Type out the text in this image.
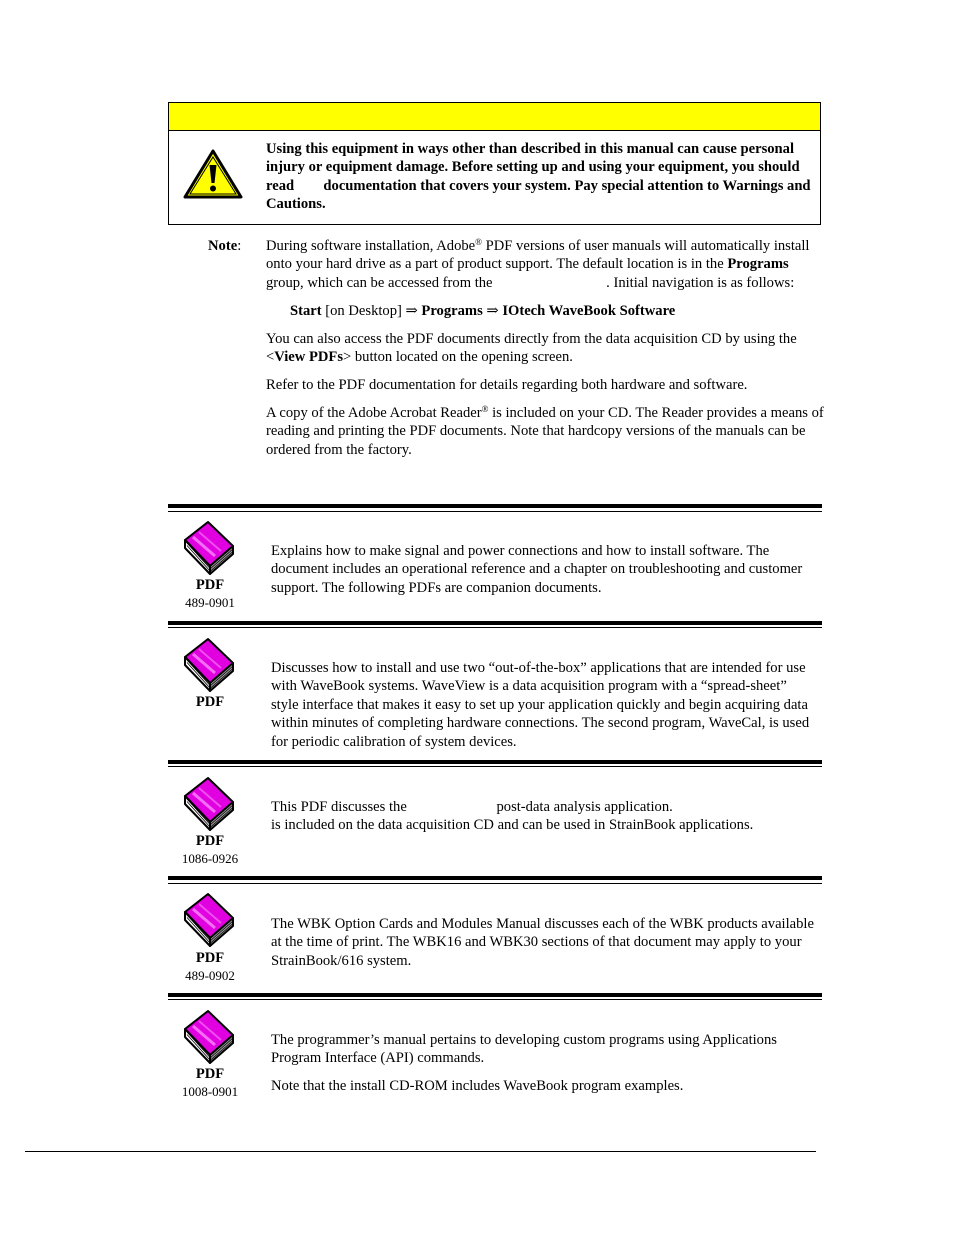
Using this equipment in ways other than described in this manual can cause personal injury or equipment damage. Before setting up and using your equipment, you should read  documentation that covers your system. Pay special attention to Warnings and Cautions.
Note: During software installation, Adobe® PDF versions of user manuals will automatically install onto your hard drive as a part of product support. The default location is in the Programs group, which can be accessed from the	. Initial navigation is as follows:

Start [on Desktop] ⇒ Programs ⇒ IOtech WaveBook Software

You can also access the PDF documents directly from the data acquisition CD by using the <View PDFs> button located on the opening screen.

Refer to the PDF documentation for details regarding both hardware and software.

A copy of the Adobe Acrobat Reader® is included on your CD. The Reader provides a means of reading and printing the PDF documents. Note that hardcopy versions of the manuals can be ordered from the factory.

PDF
489-0901

Explains how to make signal and power connections and how to install software. The document includes an operational reference and a chapter on troubleshooting and customer support. The following PDFs are companion documents.

PDF

Discusses how to install and use two “out-of-the-box” applications that are intended for use with WaveBook systems. WaveView is a data acquisition program with a “spread-sheet” style interface that makes it easy to set up your application quickly and begin acquiring data within minutes of completing hardware connections. The second program, WaveCal, is used for periodic calibration of system devices.

PDF
1086-0926
This PDF discusses the	post-data analysis application.
is included on the data acquisition CD and can be used in StrainBook applications.
PDF
489-0902

The WBK Option Cards and Modules Manual discusses each of the WBK products available at the time of print. The WBK16 and WBK30 sections of that document may apply to your StrainBook/616 system.

PDF
1008-0901

The programmer’s manual pertains to developing custom programs using Applications Program Interface (API) commands.

Note that the install CD-ROM includes WaveBook program examples.
